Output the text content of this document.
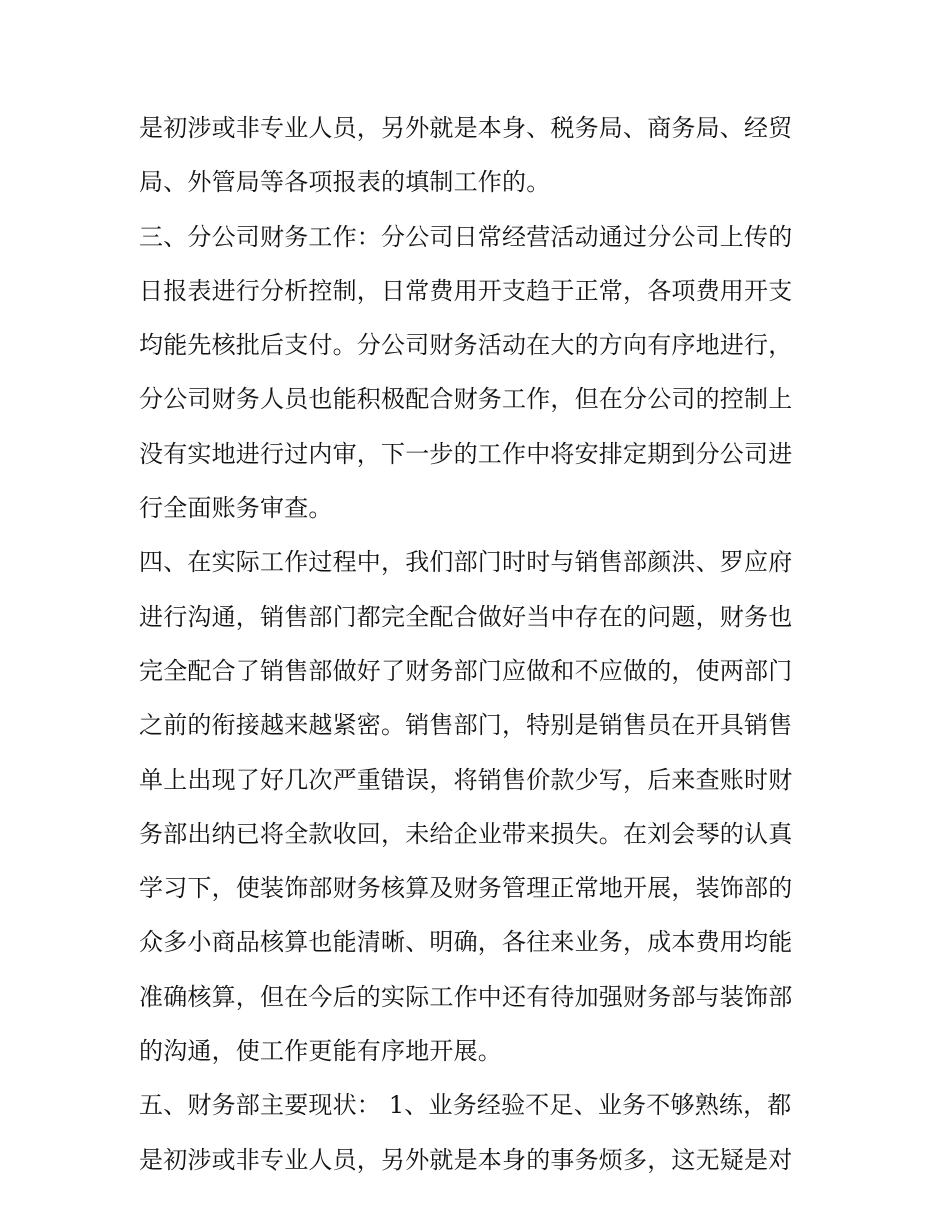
是初涉或非专业人员，另外就是本身、税务局、商务局、经贸
局、外管局等各项报表的填制工作的。
三、分公司财务工作：分公司日常经营活动通过分公司上传的
日报表进行分析控制，日常费用开支趋于正常，各项费用开支
均能先核批后支付。分公司财务活动在大的方向有序地进行，
分公司财务人员也能积极配合财务工作，但在分公司的控制上
没有实地进行过内审，下一步的工作中将安排定期到分公司进
行全面账务审查。
四、在实际工作过程中，我们部门时时与销售部颜洪、罗应府
进行沟通，销售部门都完全配合做好当中存在的问题，财务也
完全配合了销售部做好了财务部门应做和不应做的，使两部门
之前的衔接越来越紧密。销售部门，特别是销售员在开具销售
单上出现了好几次严重错误，将销售价款少写，后来查账时财
务部出纳已将全款收回，未给企业带来损失。在刘会琴的认真
学习下，使装饰部财务核算及财务管理正常地开展，装饰部的
众多小商品核算也能清晰、明确，各往来业务，成本费用均能
准确核算，但在今后的实际工作中还有待加强财务部与装饰部
的沟通，使工作更能有序地开展。
五、财务部主要现状： 1、业务经验不足、业务不够熟练，都
是初涉或非专业人员，另外就是本身的事务烦多，这无疑是对
